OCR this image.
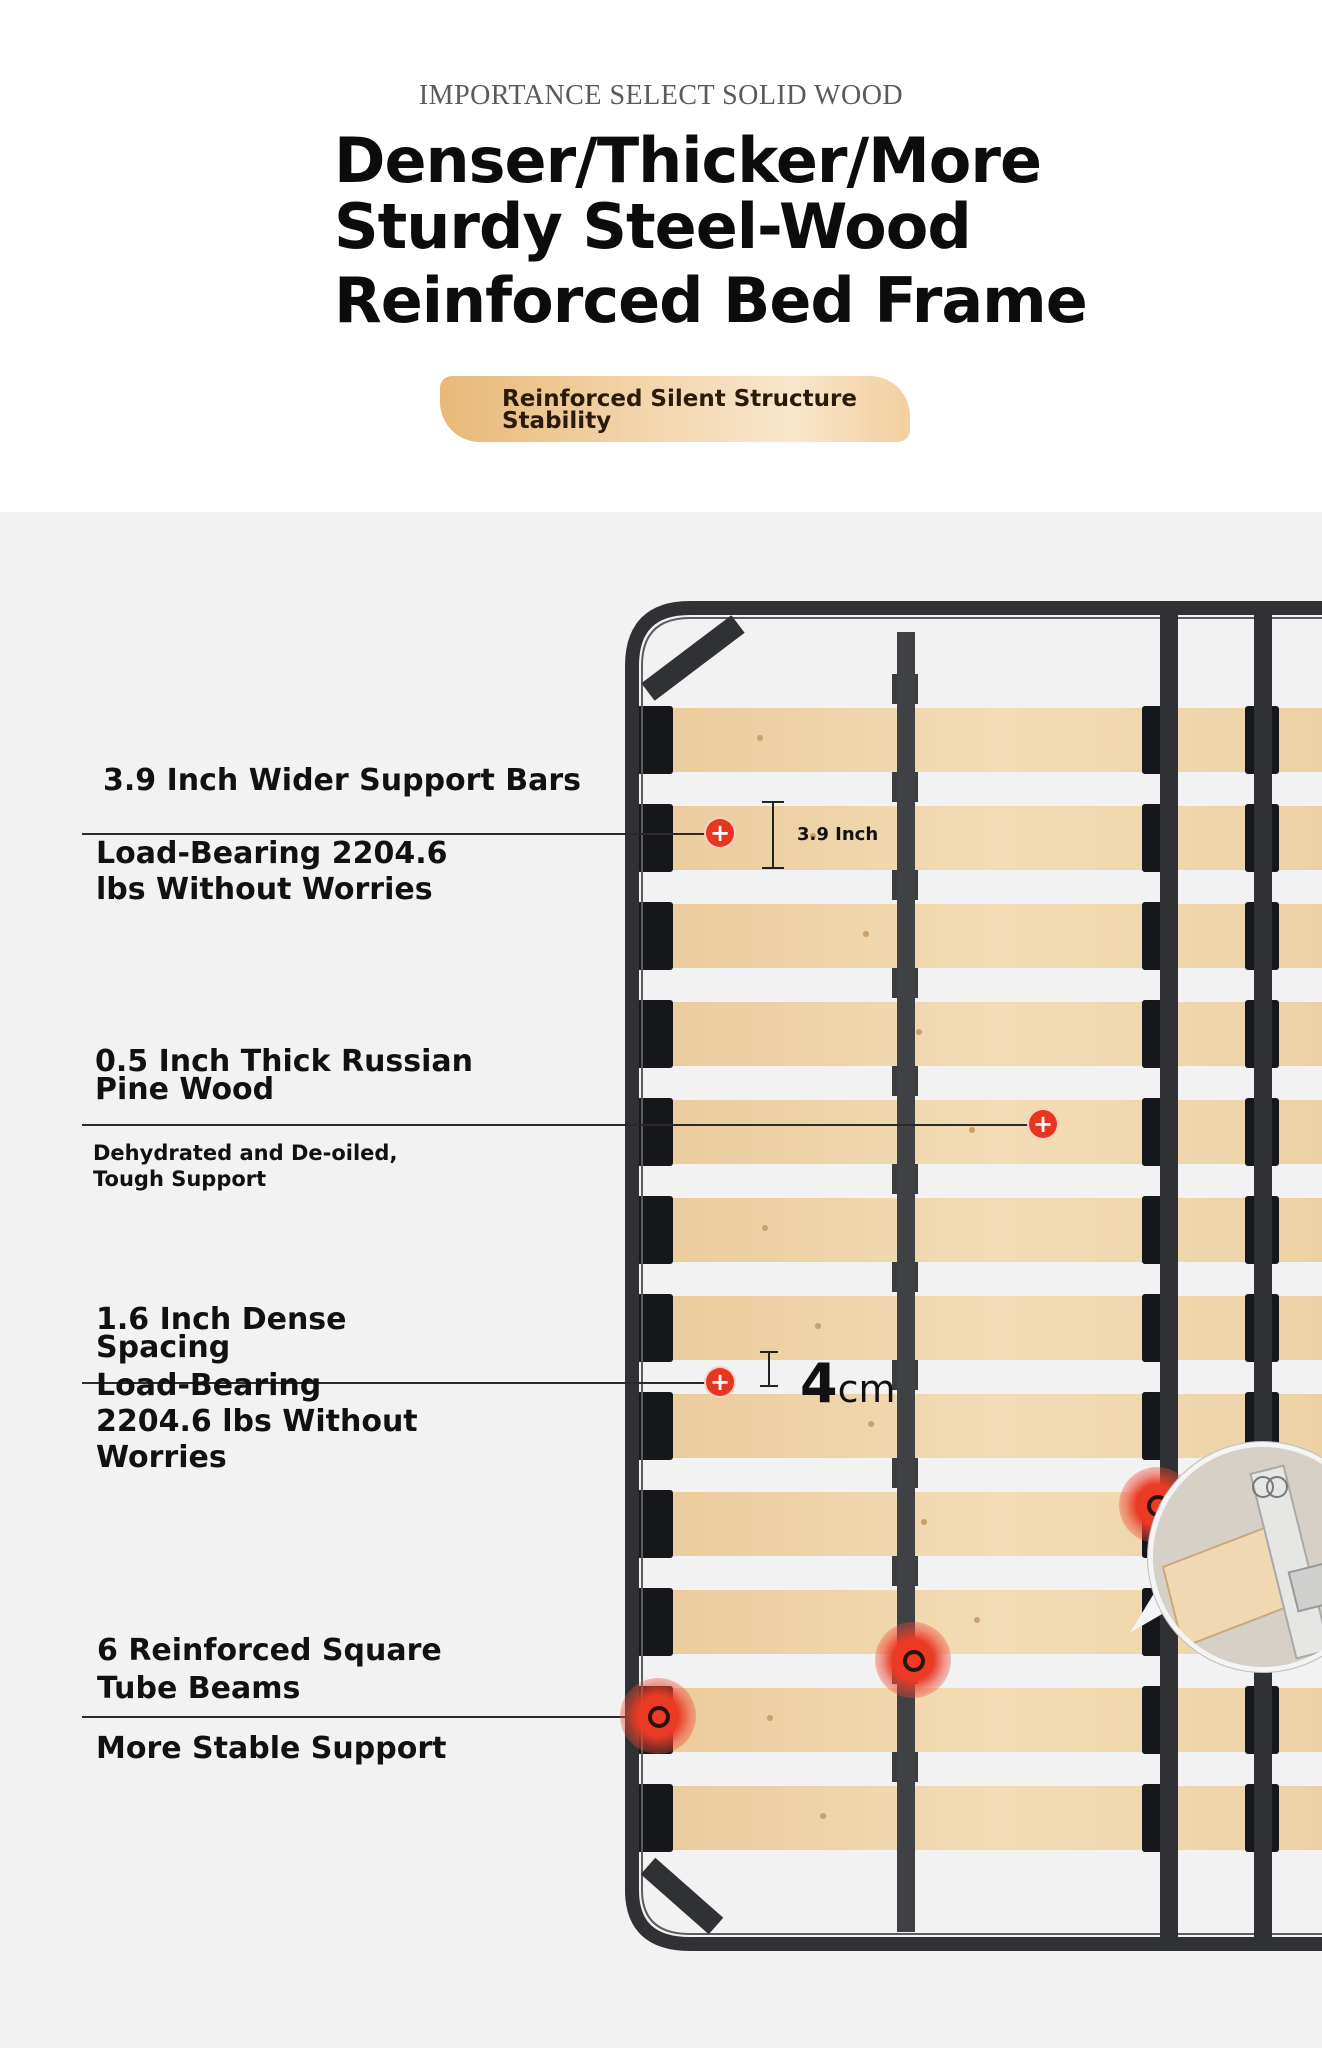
IMPORTANCE SELECT SOLID WOOD
Denser/Thicker/More
Sturdy Steel-Wood
Reinforced Bed Frame
Reinforced Silent Structure Stability
3.9 Inch Wider Support Bars
Load-Bearing 2204.6 lbs Without Worries
0.5 Inch Thick Russian Pine Wood
Dehydrated and De-oiled, Tough Support
1.6 Inch Dense Spacing
Load-Bearing 2204.6 lbs Without Worries
6 Reinforced Square Tube Beams
More Stable Support
+
+
+
3.9 Inch
4cm
